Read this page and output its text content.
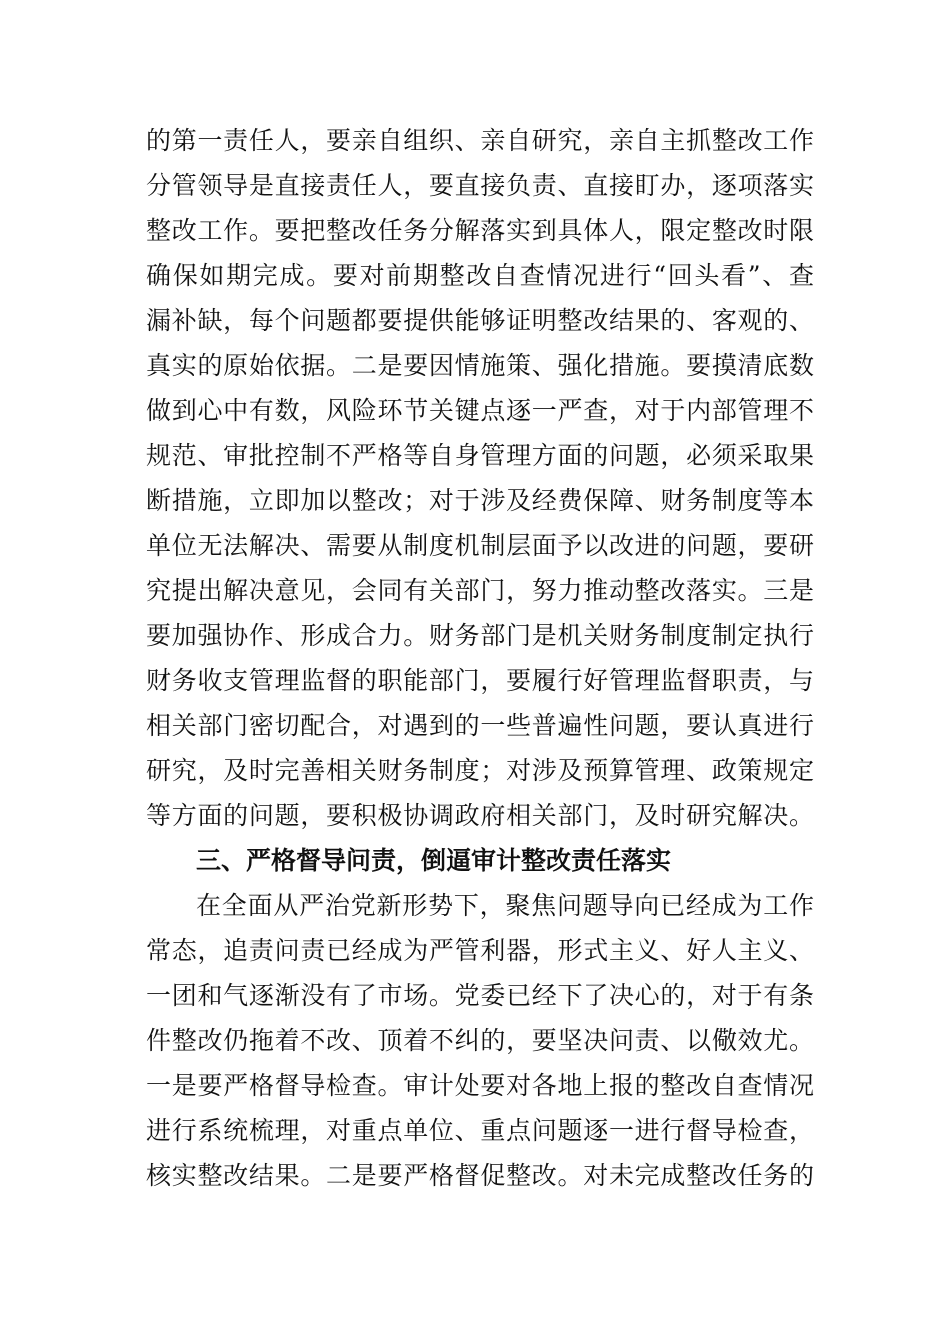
的第一责任人，要亲自组织、亲自研究，亲自主抓整改工作
分管领导是直接责任人，要直接负责、直接盯办，逐项落实
整改工作。要把整改任务分解落实到具体人，限定整改时限
确保如期完成。要对前期整改自查情况进行“回头看”、查
漏补缺，每个问题都要提供能够证明整改结果的、客观的、
真实的原始依据。二是要因情施策、强化措施。要摸清底数
做到心中有数，风险环节关键点逐一严查，对于内部管理不
规范、审批控制不严格等自身管理方面的问题，必须采取果
断措施，立即加以整改；对于涉及经费保障、财务制度等本
单位无法解决、需要从制度机制层面予以改进的问题，要研
究提出解决意见，会同有关部门，努力推动整改落实。三是
要加强协作、形成合力。财务部门是机关财务制度制定执行
财务收支管理监督的职能部门，要履行好管理监督职责，与
相关部门密切配合，对遇到的一些普遍性问题，要认真进行
研究，及时完善相关财务制度；对涉及预算管理、政策规定
等方面的问题，要积极协调政府相关部门，及时研究解决。
三、严格督导问责，倒逼审计整改责任落实
在全面从严治党新形势下，聚焦问题导向已经成为工作
常态，追责问责已经成为严管利器，形式主义、好人主义、
一团和气逐渐没有了市场。党委已经下了决心的，对于有条
件整改仍拖着不改、顶着不纠的，要坚决问责、以儆效尤。
一是要严格督导检查。审计处要对各地上报的整改自查情况
进行系统梳理，对重点单位、重点问题逐一进行督导检查，
核实整改结果。二是要严格督促整改。对未完成整改任务的
